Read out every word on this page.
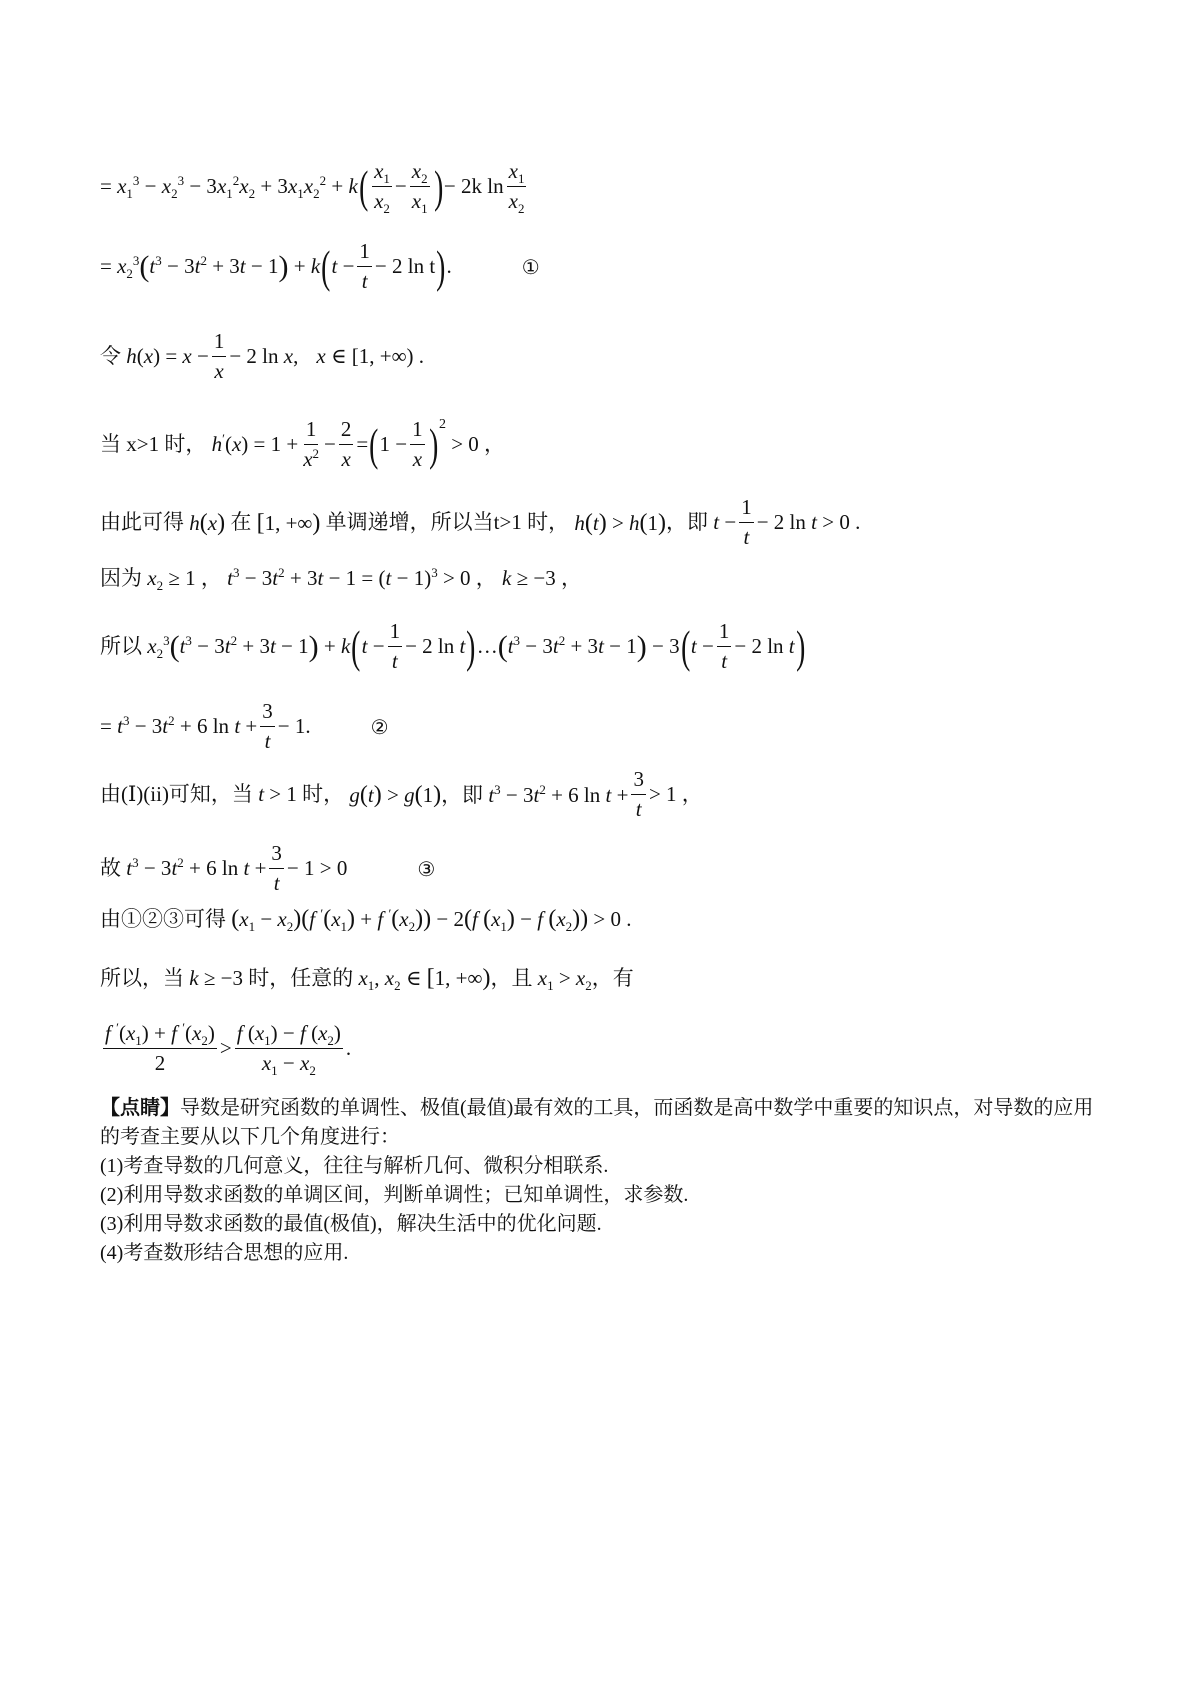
= $x_1^3 - x_2^3 - 3x_1^2x_2 + 3x_1x_2^2 + k$ ( $x_1$
$x_2$
− $\frac{x_2}{x_1}$ ) − 2k ln
$x_1$
$x_2$
= $x_2^3$ ( $t^3 - 3t^2 + 3t - 1$ ) + k ( $t - \frac{1}{t} - 2$ ln t ) .	①
令 $h(x) = x - \frac{1}{x} - 2$ ln x, x ∈ [1, +∞) .
当
x>1 时， $h'(x) = 1 + \frac{1}{x^2} - \frac{2}{x}$ = ( $1 - \frac{1}{x}$ ) 2
> 0 ，
由此可得 h(x) 在 [1, +∞) 单调递增，所以当 t>1 时， h(t) > h(1) ，即 $t - \frac{1}{t} - 2$ ln t > 0 .
因为 $x_2 \ge 1$ ， $t^3 - 3t^2 + 3t - 1 = (t - 1)^3 > 0$ ， k ≥ −3 ，
所以 $x_2^3$ ( $t^3 - 3t^2 + 3t - 1$ ) + k ( $t - \frac{1}{t} - 2$ ln t ) … ( $t^3 - 3t^2 + 3t - 1$ ) − 3 ( $t - \frac{1}{t} - 2$ ln t )
= $t^3 - 3t^2 + 6$ $\ln t + \frac{3}{t} - 1$.	②
由(Ⅰ)(ii)可知，当 t > 1 时， g(t) > g(1)，即 $t^3 - 3t^2 + 6$ $\ln t + \frac{3}{t} > 1$ ，
故 $t^3 - 3t^2 + 6$ $\ln t + \frac{3}{t} - 1 > 0$	③
由①②③可得 $(x_1 - x_2)(f$ $'(x_1) + f$ $'(x_2)) - 2(f$ $(x_1) - f$ $(x_2)) > 0$ .
所以，当 k ≥ −3 时，任意的 $x_1$, $x_2$ ∈ [1, +∞) ，且 $x_1 > x_2$ ，有
f $'(x_1) + f$ $'(x_2)$
2
>
f $(x_1) - f$ $(x_2)$
$x_1 - x_2$
.
【点睛】导数是研究函数的单调性、极值(最值)最有效的工具，而函数是高中数学中重要的知识点，对导数的应用的考查主要从以下几个角度进行：
(1)考查导数的几何意义，往往与解析几何、微积分相联系.
(2)利用导数求函数的单调区间，判断单调性；已知单调性，求参数.
(3)利用导数求函数的最值(极值)，解决生活中的优化问题.
(4)考查数形结合思想的应用.
